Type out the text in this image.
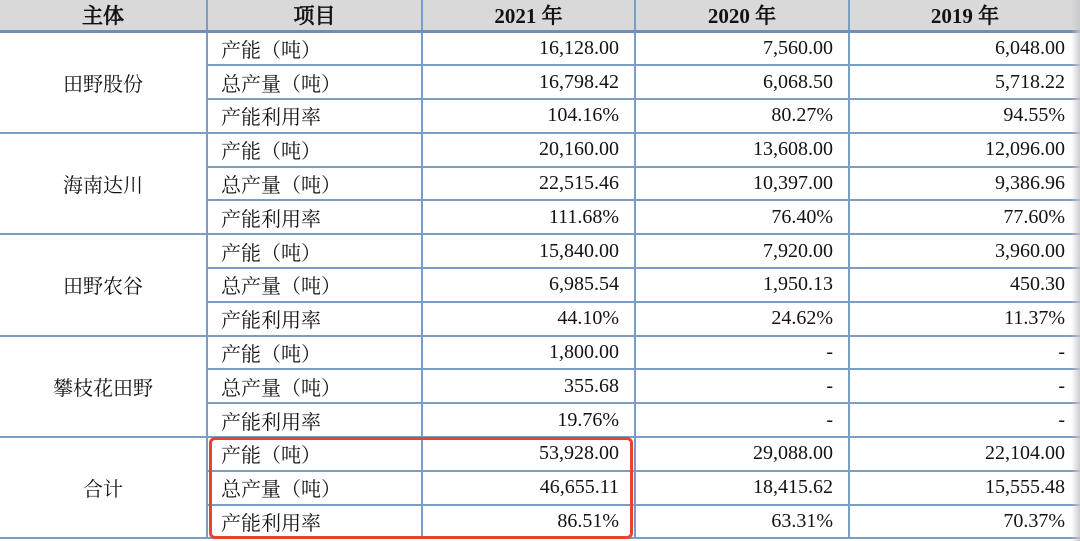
主体	项目	2021 年	2020 年	2019 年
田野股份	产能（吨）	16,128.00	7,560.00	6,048.00
	总产量（吨）	16,798.42	6,068.50	5,718.22
	产能利用率	104.16%	80.27%	94.55%
海南达川	产能（吨）	20,160.00	13,608.00	12,096.00
	总产量（吨）	22,515.46	10,397.00	9,386.96
	产能利用率	111.68%	76.40%	77.60%
田野农谷	产能（吨）	15,840.00	7,920.00	3,960.00
	总产量（吨）	6,985.54	1,950.13	450.30
	产能利用率	44.10%	24.62%	11.37%
攀枝花田野	产能（吨）	1,800.00	-	-
	总产量（吨）	355.68	-	-
	产能利用率	19.76%	-	-
合计	产能（吨）	53,928.00	29,088.00	22,104.00
	总产量（吨）	46,655.11	18,415.62	15,555.48
	产能利用率	86.51%	63.31%	70.37%
